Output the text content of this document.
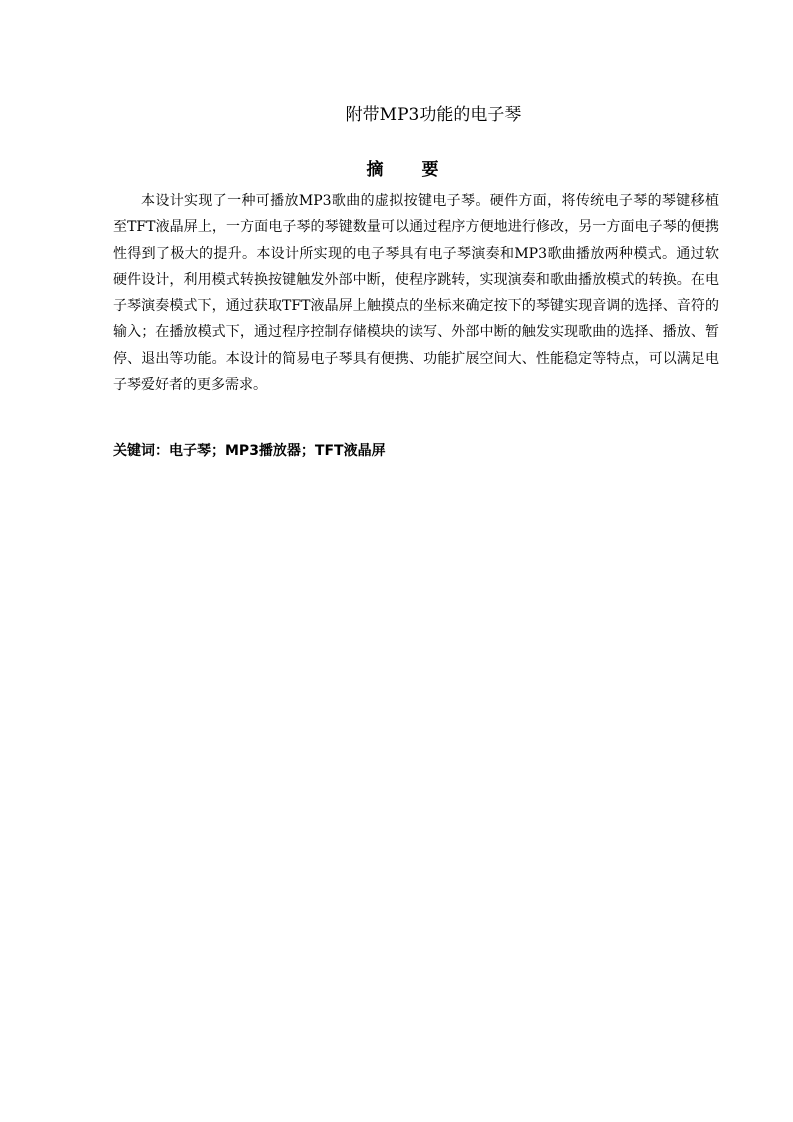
附带MP3功能的电子琴
摘 要

本设计实现了一种可播放MP3歌曲的虚拟按键电子琴。硬件方面，将传统电子琴的琴键移植至TFT液晶屏上，一方面电子琴的琴键数量可以通过程序方便地进行修改，另一方面电子琴的便携性得到了极大的提升。本设计所实现的电子琴具有电子琴演奏和MP3歌曲播放两种模式。通过软硬件设计，利用模式转换按键触发外部中断，使程序跳转，实现演奏和歌曲播放模式的转换。在电子琴演奏模式下，通过获取TFT液晶屏上触摸点的坐标来确定按下的琴键实现音调的选择、音符的输入；在播放模式下，通过程序控制存储模块的读写、外部中断的触发实现歌曲的选择、播放、暂停、退出等功能。本设计的简易电子琴具有便携、功能扩展空间大、性能稳定等特点，可以满足电子琴爱好者的更多需求。

关键词：电子琴；MP3播放器；TFT液晶屏
